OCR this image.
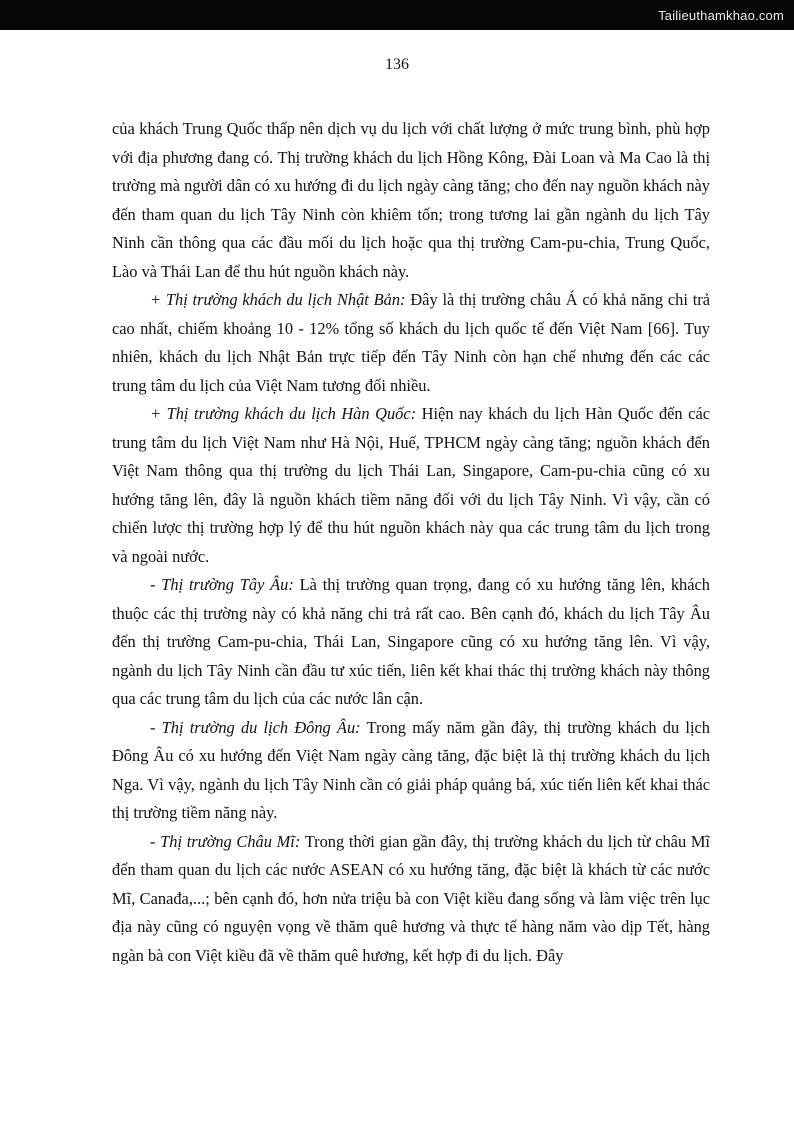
Tailieuthamkhao.com
136

của khách Trung Quốc thấp nên dịch vụ du lịch với chất lượng ở mức trung bình, phù hợp với địa phương đang có. Thị trường khách du lịch Hồng Kông, Đài Loan và Ma Cao là thị trường mà người dân có xu hướng đi du lịch ngày càng tăng; cho đến nay nguồn khách này đến tham quan du lịch Tây Ninh còn khiêm tốn; trong tương lai gần ngành du lịch Tây Ninh cần thông qua các đầu mối du lịch hoặc qua thị trường Cam-pu-chia, Trung Quốc, Lào và Thái Lan để thu hút nguồn khách này.

+ Thị trường khách du lịch Nhật Bản: Đây là thị trường châu Á có khả năng chi trả cao nhất, chiếm khoảng 10 - 12% tổng số khách du lịch quốc tế đến Việt Nam [66]. Tuy nhiên, khách du lịch Nhật Bản trực tiếp đến Tây Ninh còn hạn chế nhưng đến các các trung tâm du lịch của Việt Nam tương đối nhiều.

+ Thị trường khách du lịch Hàn Quốc: Hiện nay khách du lịch Hàn Quốc đến các trung tâm du lịch Việt Nam như Hà Nội, Huế, TPHCM ngày càng tăng; nguồn khách đến Việt Nam thông qua thị trường du lịch Thái Lan, Singapore, Cam-pu-chia cũng có xu hướng tăng lên, đây là nguồn khách tiềm năng đối với du lịch Tây Ninh. Vì vậy, cần có chiến lược thị trường hợp lý để thu hút nguồn khách này qua các trung tâm du lịch trong và ngoài nước.

- Thị trường Tây Âu: Là thị trường quan trọng, đang có xu hướng tăng lên, khách thuộc các thị trường này có khả năng chi trả rất cao. Bên cạnh đó, khách du lịch Tây Âu đến thị trường Cam-pu-chia, Thái Lan, Singapore cũng có xu hướng tăng lên. Vì vậy, ngành du lịch Tây Ninh cần đầu tư xúc tiến, liên kết khai thác thị trường khách này thông qua các trung tâm du lịch của các nước lân cận.

- Thị trường du lịch Đông Âu: Trong mấy năm gần đây, thị trường khách du lịch Đông Âu có xu hướng đến Việt Nam ngày càng tăng, đặc biệt là thị trường khách du lịch Nga. Vì vậy, ngành du lịch Tây Ninh cần có giải pháp quảng bá, xúc tiến liên kết khai thác thị trường tiềm năng này.

- Thị trường Châu Mĩ: Trong thời gian gần đây, thị trường khách du lịch từ châu Mĩ đến tham quan du lịch các nước ASEAN có xu hướng tăng, đặc biệt là khách từ các nước Mĩ, Canađa,...; bên cạnh đó, hơn nửa triệu bà con Việt kiều đang sống và làm việc trên lục địa này cũng có nguyện vọng về thăm quê hương và thực tế hàng năm vào dịp Tết, hàng ngàn bà con Việt kiều đã về thăm quê hương, kết hợp đi du lịch. Đây
